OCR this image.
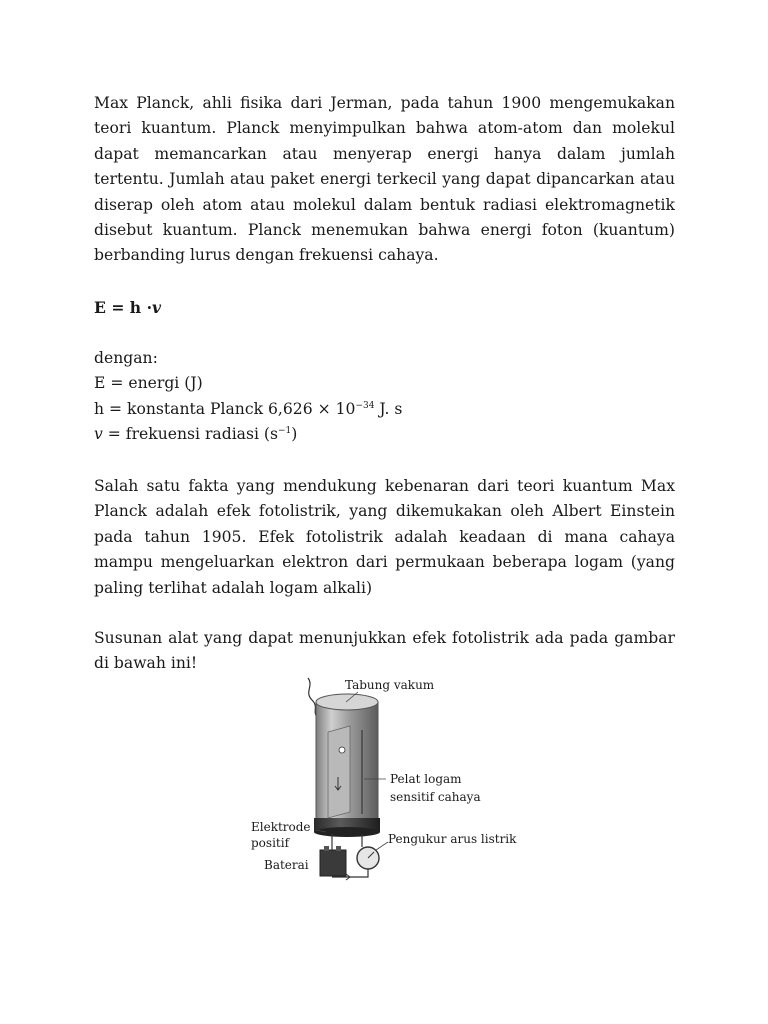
Max Planck, ahli fisika dari Jerman, pada tahun 1900 mengemukakan teori kuantum. Planck menyimpulkan bahwa atom-atom dan molekul dapat memancarkan atau menyerap energi hanya dalam jumlah tertentu. Jumlah atau paket energi terkecil yang dapat dipancarkan atau diserap oleh atom atau molekul dalam bentuk radiasi elektromagnetik disebut kuantum. Planck menemukan bahwa energi foton (kuantum) berbanding lurus dengan frekuensi cahaya.

E = h ·v
dengan:
E = energi (J)
h = konstanta Planck $6,626 \times 10^{-34}$ J. s
v = frekuensi radiasi $(s^{-1})$

Salah satu fakta yang mendukung kebenaran dari teori kuantum Max Planck adalah efek fotolistrik, yang dikemukakan oleh Albert Einstein pada tahun 1905. Efek fotolistrik adalah keadaan di mana cahaya mampu mengeluarkan elektron dari permukaan beberapa logam (yang paling terlihat adalah logam alkali)

Susunan alat yang dapat menunjukkan efek fotolistrik ada pada gambar di bawah ini!

Tabung vakum
Pelat logam
sensitif cahaya
Elektrode
positif	Pengukur arus listrik
Baterai
